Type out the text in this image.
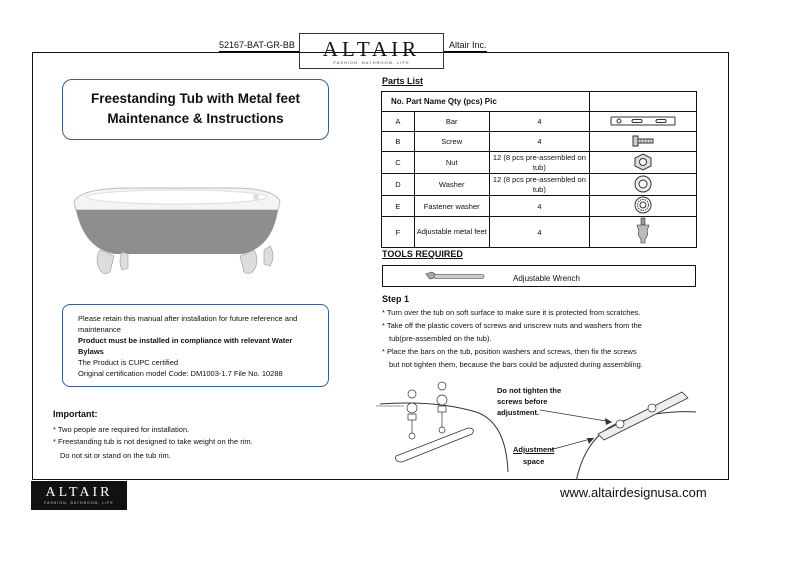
52167-BAT-GR-BB	Altair Inc.
ALTAIR
FASHION, BATHROOM, LIFE
Freestanding Tub with Metal feet
Maintenance & Instructions
Please retain this manual after installation for future reference and
maintenance
Product must be installed in compliance with relevant Water
Bylaws
The Product is CUPC certified
Original certification model Code: DM1003-1.7 File No. 10288
Important:
* Two people are required for installation.
* Freestanding tub is not designed to take weight on the rim.
Do not sit or stand on the tub rim.
Parts List
No. Part Name Qty (pcs) Pic			
A	Bar	4	
B	Screw	4	
C	Nut	12 (8 pcs pre-assembled on tub)	
D	Washer	12 (8 pcs pre-assembled on tub)	
E	Fastener washer	4	
F	Adjustable metal feet	4	
TOOLS REQUIRED
Adjustable Wrench
Step 1
* Turn over the tub on soft surface to make sure it is protected from scratches.
* Take off the plastic covers of screws and unscrew nuts and washers from the
tub(pre-assembled on the tub).
* Place the bars on the tub, position washers and screws, then fix the screws
but not tighten them, because the bars could be adjusted during assembling.
Do not tighten the
screws before
adjustment.
Adjustment
space
ALTAIR
FASHION, BATHROOM, LIFE
www.altairdesignusa.com
